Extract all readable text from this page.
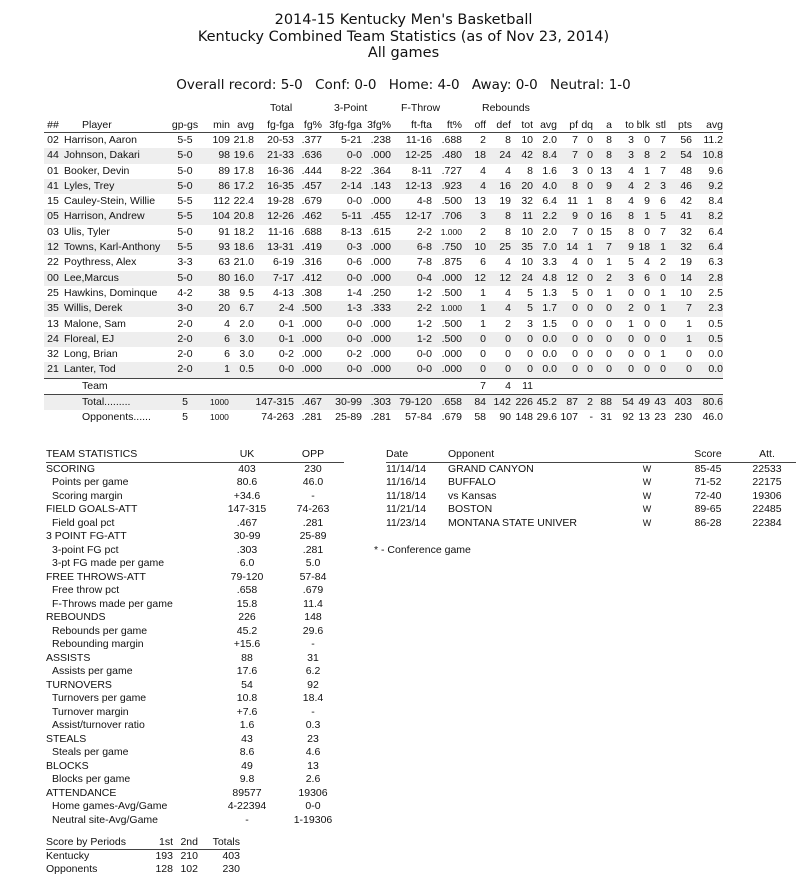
2014-15 Kentucky Men's Basketball
Kentucky Combined Team Statistics (as of Nov 23, 2014)
All games
Overall record: 5-0 Conf: 0-0 Home: 4-0 Away: 0-0 Neutral: 1-0
Total	3-Point	F-Throw	Rebounds
##	Player	gp-gs	min	avg	fg-fga	fg%	3fg-fga	3fg%	ft-fta	ft%	off	def	tot	avg	pf	dq	a	to	blk	stl	pts	avg
02	Harrison, Aaron	5-5	109	21.8	20-53	.377	5-21	.238	11-16	.688	2	8	10	2.0	7	0	8	3	0	7	56	11.2
44	Johnson, Dakari	5-0	98	19.6	21-33	.636	0-0	.000	12-25	.480	18	24	42	8.4	7	0	8	3	8	2	54	10.8
01	Booker, Devin	5-0	89	17.8	16-36	.444	8-22	.364	8-11	.727	4	4	8	1.6	3	0	13	4	1	7	48	9.6
41	Lyles, Trey	5-0	86	17.2	16-35	.457	2-14	.143	12-13	.923	4	16	20	4.0	8	0	9	4	2	3	46	9.2
15	Cauley-Stein, Willie	5-5	112	22.4	19-28	.679	0-0	.000	4-8	.500	13	19	32	6.4	11	1	8	4	9	6	42	8.4
05	Harrison, Andrew	5-5	104	20.8	12-26	.462	5-11	.455	12-17	.706	3	8	11	2.2	9	0	16	8	1	5	41	8.2
03	Ulis, Tyler	5-0	91	18.2	11-16	.688	8-13	.615	2-2	1.000	2	8	10	2.0	7	0	15	8	0	7	32	6.4
12	Towns, Karl-Anthony	5-5	93	18.6	13-31	.419	0-3	.000	6-8	.750	10	25	35	7.0	14	1	7	9	18	1	32	6.4
22	Poythress, Alex	3-3	63	21.0	6-19	.316	0-6	.000	7-8	.875	6	4	10	3.3	4	0	1	5	4	2	19	6.3
00	Lee,Marcus	5-0	80	16.0	7-17	.412	0-0	.000	0-4	.000	12	12	24	4.8	12	0	2	3	6	0	14	2.8
25	Hawkins, Dominque	4-2	38	9.5	4-13	.308	1-4	.250	1-2	.500	1	4	5	1.3	5	0	1	0	0	1	10	2.5
35	Willis, Derek	3-0	20	6.7	2-4	.500	1-3	.333	2-2	1.000	1	4	5	1.7	0	0	0	2	0	1	7	2.3
13	Malone, Sam	2-0	4	2.0	0-1	.000	0-0	.000	1-2	.500	1	2	3	1.5	0	0	0	1	0	0	1	0.5
24	Floreal, EJ	2-0	6	3.0	0-1	.000	0-0	.000	1-2	.500	0	0	0	0.0	0	0	0	0	0	0	1	0.5
32	Long, Brian	2-0	6	3.0	0-2	.000	0-2	.000	0-0	.000	0	0	0	0.0	0	0	0	0	0	1	0	0.0
21	Lanter, Tod	2-0	1	0.5	0-0	.000	0-0	.000	0-0	.000	0	0	0	0.0	0	0	0	0	0	0	0	0.0
	Team										7	4	11									
	Total.........	5	1000		147-315	.467	30-99	.303	79-120	.658	84	142	226	45.2	87	2	88	54	49	43	403	80.6
	Opponents......	5	1000		74-263	.281	25-89	.281	57-84	.679	58	90	148	29.6	107	-	31	92	13	23	230	46.0
TEAM STATISTICS	UK	OPP
SCORING	403	230
Points per game	80.6	46.0
Scoring margin	+34.6	-
FIELD GOALS-ATT	147-315	74-263
Field goal pct	.467	.281
3 POINT FG-ATT	30-99	25-89
3-point FG pct	.303	.281
3-pt FG made per game	6.0	5.0
FREE THROWS-ATT	79-120	57-84
Free throw pct	.658	.679
F-Throws made per game	15.8	11.4
REBOUNDS	226	148
Rebounds per game	45.2	29.6
Rebounding margin	+15.6	-
ASSISTS	88	31
Assists per game	17.6	6.2
TURNOVERS	54	92
Turnovers per game	10.8	18.4
Turnover margin	+7.6	-
Assist/turnover ratio	1.6	0.3
STEALS	43	23
Steals per game	8.6	4.6
BLOCKS	49	13
Blocks per game	9.8	2.6
ATTENDANCE	89577	19306
Home games-Avg/Game	4-22394	0-0
Neutral site-Avg/Game	-	1-19306
Date	Opponent		Score	Att.
11/14/14	GRAND CANYON	W	85-45	22533
11/16/14	BUFFALO	W	71-52	22175
11/18/14	vs Kansas	W	72-40	19306
11/21/14	BOSTON	W	89-65	22485
11/23/14	MONTANA STATE UNIVER	W	86-28	22384
* - Conference game
Score by Periods	1st	2nd	Totals
Kentucky	193	210	403
Opponents	128	102	230
